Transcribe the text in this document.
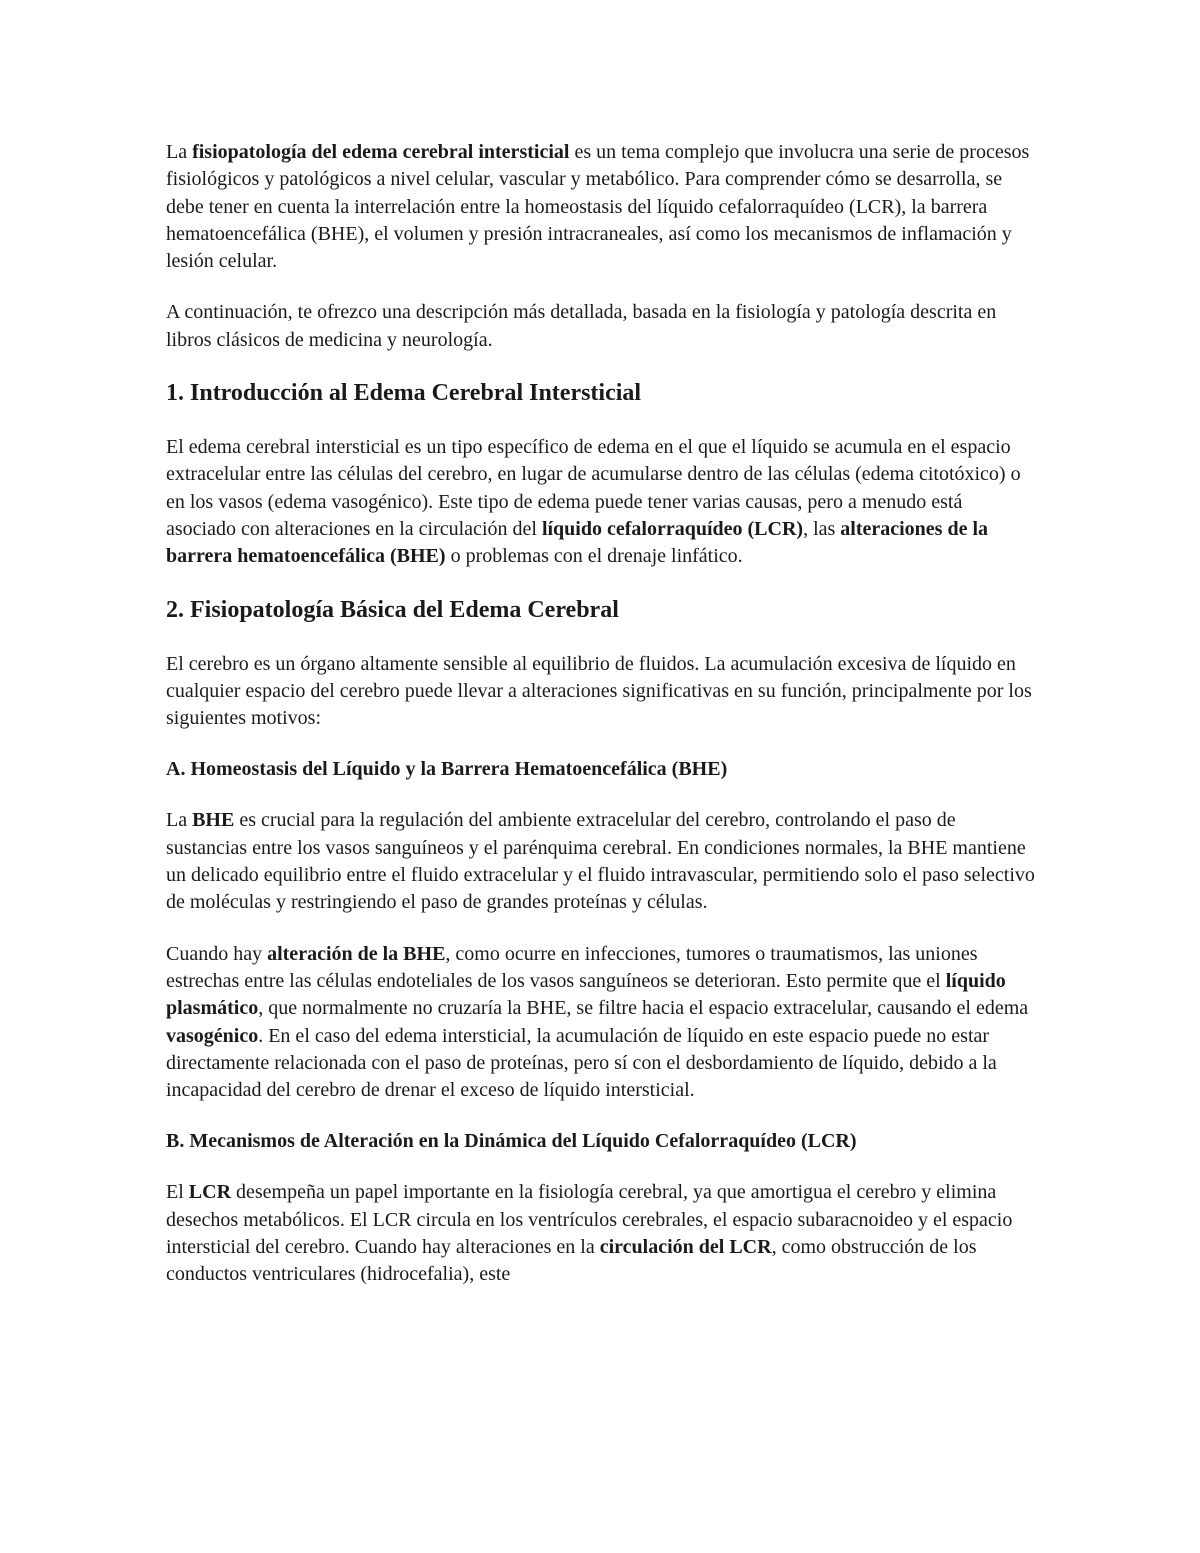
La fisiopatología del edema cerebral intersticial es un tema complejo que involucra una serie de procesos fisiológicos y patológicos a nivel celular, vascular y metabólico. Para comprender cómo se desarrolla, se debe tener en cuenta la interrelación entre la homeostasis del líquido cefalorraquídeo (LCR), la barrera hematoencefálica (BHE), el volumen y presión intracraneales, así como los mecanismos de inflamación y lesión celular.

A continuación, te ofrezco una descripción más detallada, basada en la fisiología y patología descrita en libros clásicos de medicina y neurología.

1. Introducción al Edema Cerebral Intersticial

El edema cerebral intersticial es un tipo específico de edema en el que el líquido se acumula en el espacio extracelular entre las células del cerebro, en lugar de acumularse dentro de las células (edema citotóxico) o en los vasos (edema vasogénico). Este tipo de edema puede tener varias causas, pero a menudo está asociado con alteraciones en la circulación del líquido cefalorraquídeo (LCR), las alteraciones de la barrera hematoencefálica (BHE) o problemas con el drenaje linfático.

2. Fisiopatología Básica del Edema Cerebral

El cerebro es un órgano altamente sensible al equilibrio de fluidos. La acumulación excesiva de líquido en cualquier espacio del cerebro puede llevar a alteraciones significativas en su función, principalmente por los siguientes motivos:

A. Homeostasis del Líquido y la Barrera Hematoencefálica (BHE)

La BHE es crucial para la regulación del ambiente extracelular del cerebro, controlando el paso de sustancias entre los vasos sanguíneos y el parénquima cerebral. En condiciones normales, la BHE mantiene un delicado equilibrio entre el fluido extracelular y el fluido intravascular, permitiendo solo el paso selectivo de moléculas y restringiendo el paso de grandes proteínas y células.

Cuando hay alteración de la BHE, como ocurre en infecciones, tumores o traumatismos, las uniones estrechas entre las células endoteliales de los vasos sanguíneos se deterioran. Esto permite que el líquido plasmático, que normalmente no cruzaría la BHE, se filtre hacia el espacio extracelular, causando el edema vasogénico. En el caso del edema intersticial, la acumulación de líquido en este espacio puede no estar directamente relacionada con el paso de proteínas, pero sí con el desbordamiento de líquido, debido a la incapacidad del cerebro de drenar el exceso de líquido intersticial.

B. Mecanismos de Alteración en la Dinámica del Líquido Cefalorraquídeo (LCR)

El LCR desempeña un papel importante en la fisiología cerebral, ya que amortigua el cerebro y elimina desechos metabólicos. El LCR circula en los ventrículos cerebrales, el espacio subaracnoideo y el espacio intersticial del cerebro. Cuando hay alteraciones en la circulación del LCR, como obstrucción de los conductos ventriculares (hidrocefalia), este
